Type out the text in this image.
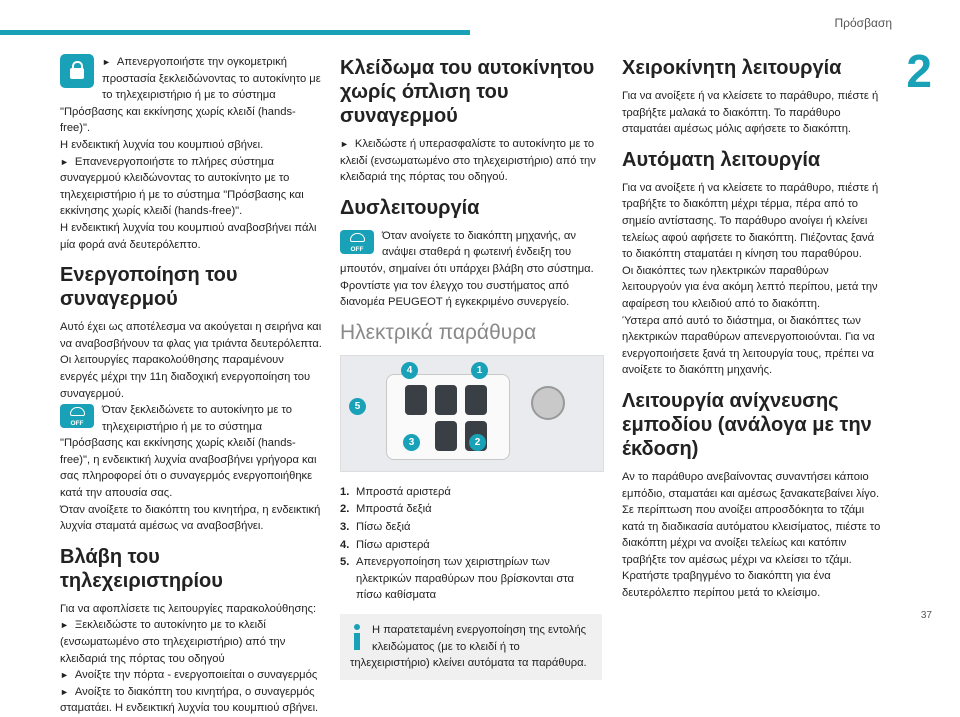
Πρόσβαση
2
37

► Απενεργοποιήστε την ογκομετρική προστασία ξεκλειδώνοντας το αυτοκίνητο με το τηλεχειριστήριο ή με το σύστημα "Πρόσβασης και εκκίνησης χωρίς κλειδί (hands-free)".

Η ενδεικτική λυχνία του κουμπιού σβήνει.

► Επανενεργοποιήστε το πλήρες σύστημα συναγερμού κλειδώνοντας το αυτοκίνητο με το τηλεχειριστήριο ή με το σύστημα "Πρόσβασης και εκκίνησης χωρίς κλειδί (hands-free)".

Η ενδεικτική λυχνία του κουμπιού αναβοσβήνει πάλι μία φορά ανά δευτερόλεπτο.

Ενεργοποίηση του συναγερμού

Αυτό έχει ως αποτέλεσμα να ακούγεται η σειρήνα και να αναβοσβήνουν τα φλας για τριάντα δευτερόλεπτα.

Οι λειτουργίες παρακολούθησης παραμένουν ενεργές μέχρι την 11η διαδοχική ενεργοποίηση του συναγερμού.

OFF

Όταν ξεκλειδώνετε το αυτοκίνητο με το τηλεχειριστήριο ή με το σύστημα "Πρόσβασης και εκκίνησης χωρίς κλειδί (hands-free)", η ενδεικτική λυχνία αναβοσβήνει γρήγορα και σας πληροφορεί ότι ο συναγερμός ενεργοποιήθηκε κατά την απουσία σας.

Όταν ανοίξετε το διακόπτη του κινητήρα, η ενδεικτική λυχνία σταματά αμέσως να αναβοσβήνει.

Βλάβη του τηλεχειριστηρίου

Για να αφοπλίσετε τις λειτουργίες παρακολούθησης:

► Ξεκλειδώστε το αυτοκίνητο με το κλειδί (ενσωματωμένο στο τηλεχειριστήριο) από την κλειδαριά της πόρτας του οδηγού

► Ανοίξτε την πόρτα - ενεργοποιείται ο συναγερμός

► Ανοίξτε το διακόπτη του κινητήρα, ο συναγερμός σταματάει. Η ενδεικτική λυχνία του κουμπιού σβήνει.

Κλείδωμα του αυτοκίνητου χωρίς όπλιση του συναγερμού

► Κλειδώστε ή υπερασφαλίστε το αυτοκίνητο με το κλειδί (ενσωματωμένο στο τηλεχειριστήριο) από την κλειδαριά της πόρτας του οδηγού.

Δυσλειτουργία
OFF

Όταν ανοίγετε το διακόπτη μηχανής, αν ανάψει σταθερά η φωτεινή ένδειξη του μπουτόν, σημαίνει ότι υπάρχει βλάβη στο σύστημα.

Φροντίστε για τον έλεγχο του συστήματος από διανομέα PEUGEOT ή εγκεκριμένο συνεργείο.

Ηλεκτρικά παράθυρα
1
2
3
4
5
1. Μπροστά αριστερά
2. Μπροστά δεξιά
3. Πίσω δεξιά
4. Πίσω αριστερά
5. Απενεργοποίηση των χειριστηρίων των ηλεκτρικών παραθύρων που βρίσκονται στα πίσω καθίσματα

Η παρατεταμένη ενεργοποίηση της εντολής κλειδώματος (με το κλειδί ή το τηλεχειριστήριο) κλείνει αυτόματα τα παράθυρα.

Χειροκίνητη λειτουργία

Για να ανοίξετε ή να κλείσετε το παράθυρο, πιέστε ή τραβήξτε μαλακά το διακόπτη. Το παράθυρο σταματάει αμέσως μόλις αφήσετε το διακόπτη.

Αυτόματη λειτουργία

Για να ανοίξετε ή να κλείσετε το παράθυρο, πιέστε ή τραβήξτε το διακόπτη μέχρι τέρμα, πέρα από το σημείο αντίστασης. Το παράθυρο ανοίγει ή κλείνει τελείως αφού αφήσετε το διακόπτη. Πιέζοντας ξανά το διακόπτη σταματάει η κίνηση του παραθύρου.

Οι διακόπτες των ηλεκτρικών παραθύρων λειτουργούν για ένα ακόμη λεπτό περίπου, μετά την αφαίρεση του κλειδιού από το διακόπτη.

Ύστερα από αυτό το διάστημα, οι διακόπτες των ηλεκτρικών παραθύρων απενεργοποιούνται. Για να ενεργοποιήσετε ξανά τη λειτουργία τους, πρέπει να ανοίξετε το διακόπτη μηχανής.

Λειτουργία ανίχνευσης εμποδίου (ανάλογα με την έκδοση)

Αν το παράθυρο ανεβαίνοντας συναντήσει κάποιο εμπόδιο, σταματάει και αμέσως ξανακατεβαίνει λίγο.

Σε περίπτωση που ανοίξει απροσδόκητα το τζάμι κατά τη διαδικασία αυτόματου κλεισίματος, πιέστε το διακόπτη μέχρι να ανοίξει τελείως και κατόπιν τραβήξτε τον αμέσως μέχρι να κλείσει το τζάμι. Κρατήστε τραβηγμένο το διακόπτη για ένα δευτερόλεπτο περίπου μετά το κλείσιμο.
